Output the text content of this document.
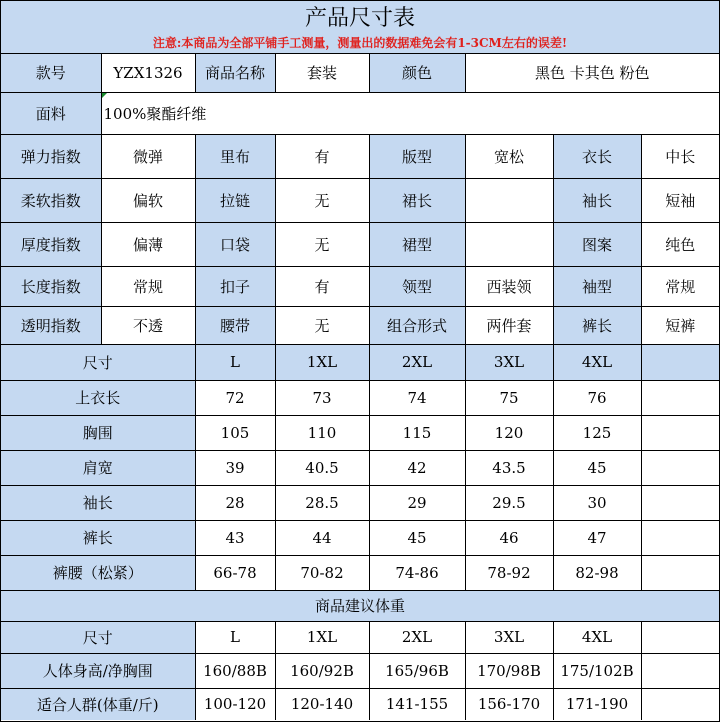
产品尺寸表
注意:本商品为全部平铺手工测量，测量出的数据难免会有1-3CM左右的误差!
款号	YZX1326	商品名称	套装	颜色	黑色 卡其色 粉色		
面料	100%聚酯纤维						
弹力指数	微弹	里布	有	版型	宽松	衣长	中长
柔软指数	偏软	拉链	无	裙长		袖长	短袖
厚度指数	偏薄	口袋	无	裙型		图案	纯色
长度指数	常规	扣子	有	领型	西装领	袖型	常规
透明指数	不透	腰带	无	组合形式	两件套	裤长	短裤
尺寸		L	1XL	2XL	3XL	4XL	
上衣长		72	73	74	75	76	
胸围		105	110	115	120	125	
肩宽		39	40.5	42	43.5	45	
袖长		28	28.5	29	29.5	30	
裤长		43	44	45	46	47	
裤腰（松紧）		66-78	70-82	74-86	78-92	82-98	
商品建议体重							
尺寸		L	1XL	2XL	3XL	4XL	
人体身高/净胸围		160/88B	160/92B	165/96B	170/98B	175/102B	
适合人群(体重/斤)		100-120	120-140	141-155	156-170	171-190	
